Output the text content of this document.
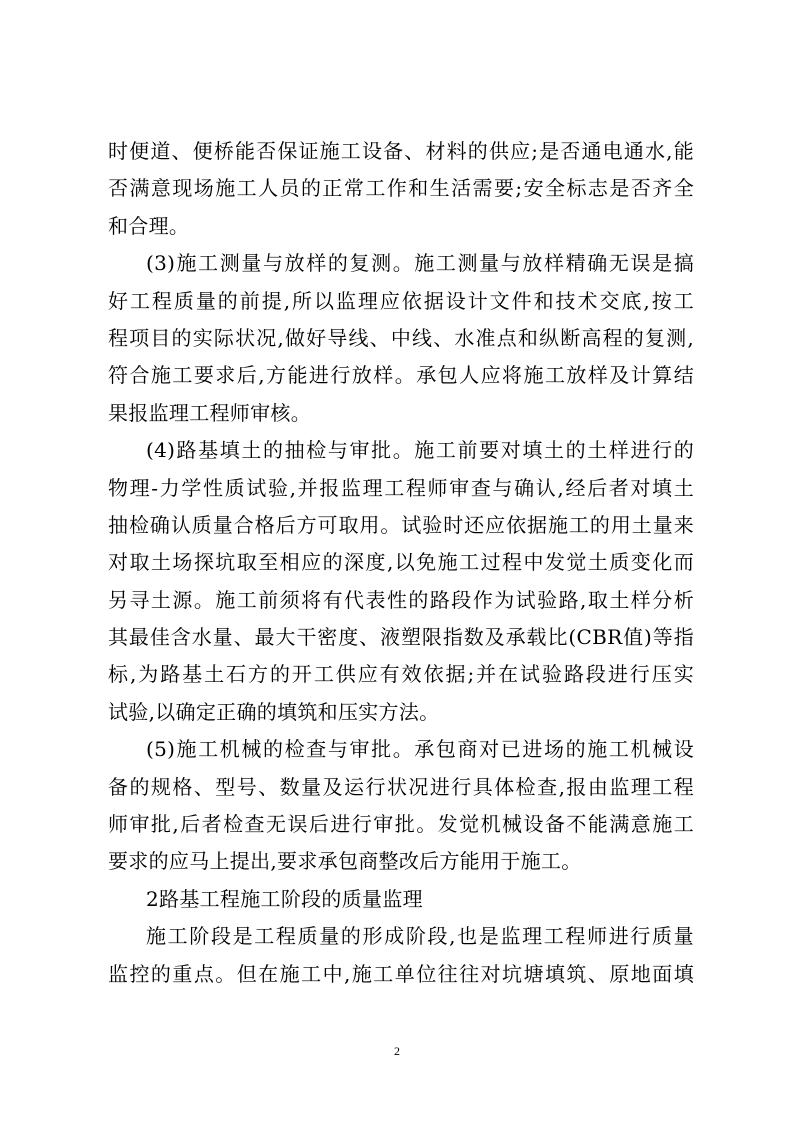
时便道、便桥能否保证施工设备、材料的供应;是否通电通水,能
否满意现场施工人员的正常工作和生活需要;安全标志是否齐全
和合理。
(3)施工测量与放样的复测。施工测量与放样精确无误是搞
好工程质量的前提,所以监理应依据设计文件和技术交底,按工
程项目的实际状况,做好导线、中线、水准点和纵断高程的复测,
符合施工要求后,方能进行放样。承包人应将施工放样及计算结
果报监理工程师审核。
(4)路基填土的抽检与审批。施工前要对填土的土样进行的
物理-力学性质试验,并报监理工程师审查与确认,经后者对填土
抽检确认质量合格后方可取用。试验时还应依据施工的用土量来
对取土场探坑取至相应的深度,以免施工过程中发觉土质变化而
另寻土源。施工前须将有代表性的路段作为试验路,取土样分析
其最佳含水量、最大干密度、液塑限指数及承载比(CBR值)等指
标,为路基土石方的开工供应有效依据;并在试验路段进行压实
试验,以确定正确的填筑和压实方法。
(5)施工机械的检查与审批。承包商对已进场的施工机械设
备的规格、型号、数量及运行状况进行具体检查,报由监理工程
师审批,后者检查无误后进行审批。发觉机械设备不能满意施工
要求的应马上提出,要求承包商整改后方能用于施工。
2路基工程施工阶段的质量监理
施工阶段是工程质量的形成阶段,也是监理工程师进行质量
监控的重点。但在施工中,施工单位往往对坑塘填筑、原地面填
2
